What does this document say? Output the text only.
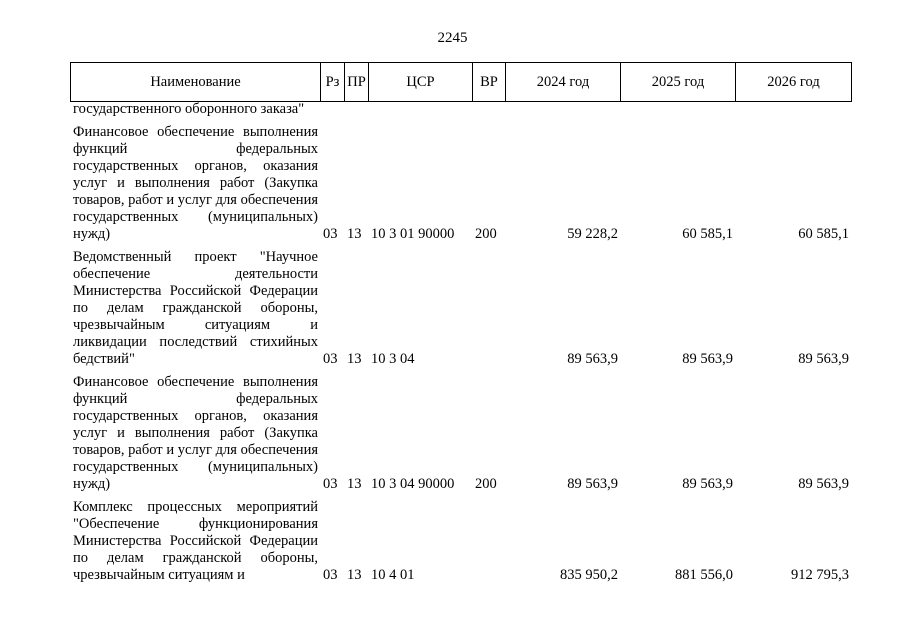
2245
Наименование	Рз	ПР	ЦСР	ВР	2024 год	2025 год	2026 год
государственного оборонного заказа"							
Финансовое обеспечение выполнения функций федеральных государственных органов, оказания услуг и выполнения работ (Закупка товаров, работ и услуг для обеспечения государственных (муниципальных) нужд)	03	13	10 3 01 90000	200	59 228,2	60 585,1	60 585,1
Ведомственный проект "Научное обеспечение деятельности Министерства Российской Федерации по делам гражданской обороны, чрезвычайным ситуациям и ликвидации последствий стихийных бедствий"	03	13	10 3 04		89 563,9	89 563,9	89 563,9
Финансовое обеспечение выполнения функций федеральных государственных органов, оказания услуг и выполнения работ (Закупка товаров, работ и услуг для обеспечения государственных (муниципальных) нужд)	03	13	10 3 04 90000	200	89 563,9	89 563,9	89 563,9
Комплекс процессных мероприятий "Обеспечение функционирования Министерства Российской Федерации по делам гражданской обороны, чрезвычайным ситуациям и	03	13	10 4 01		835 950,2	881 556,0	912 795,3
